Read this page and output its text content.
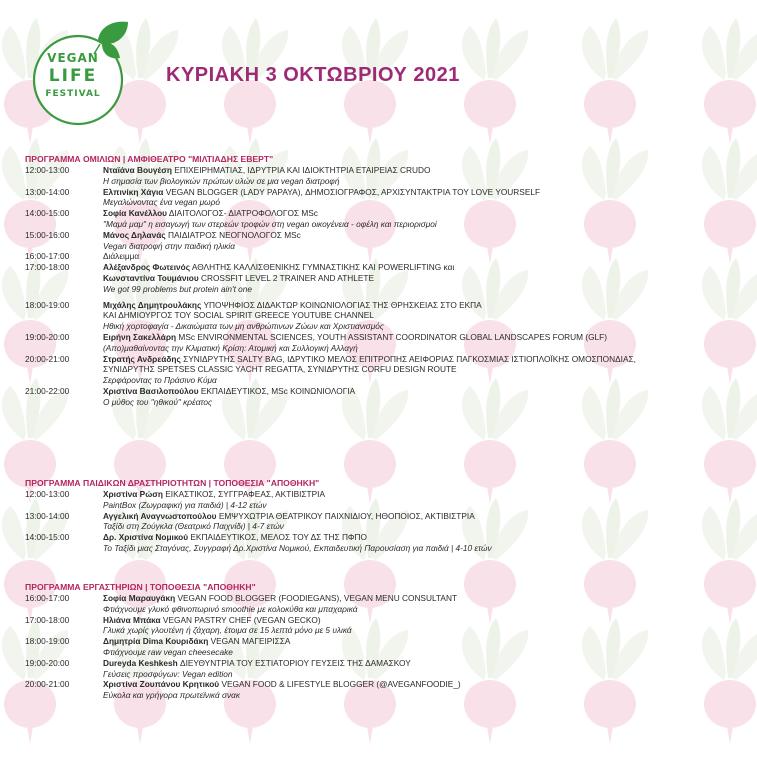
VEGAN
LIFE
FESTIVAL
ΚΥΡΙΑΚΗ 3 ΟΚΤΩΒΡΙΟΥ 2021
ΠΡΟΓΡΑΜΜΑ ΟΜΙΛΙΩΝ | ΑΜΦΙΘΕΑΤΡΟ "ΜΙΛΤΙΑΔΗΣ ΕΒΕΡΤ"
12:00-13:00	Νταϊάνα Βουγέση ΕΠΙΧΕΙΡΗΜΑΤΙΑΣ, ΙΔΡΥΤΡΙΑ ΚΑΙ ΙΔΙΟΚΤΗΤΡΙΑ ΕΤΑΙΡΕΙΑΣ CRUDO
Η σημασία των βιολογικών πρώτων υλών σε μια vegan διατροφή
13:00-14:00	Ελπινίκη Χάγια VEGAN BLOGGER (LADY PAPAYA), ΔΗΜΟΣΙΟΓΡΑΦΟΣ, ΑΡΧΙΣΥΝΤΑΚΤΡΙΑ ΤΟΥ LOVE YOURSELF
Μεγαλώνοντας ένα vegan μωρό
14:00-15:00	Σοφία Κανέλλου ΔΙΑΙΤΟΛΟΓΟΣ- ΔΙΑΤΡΟΦΟΛΟΓΟΣ MSc
"Μαμά μαμ" η εισαγωγή των στερεών τροφών στη vegan οικογένεια - οφέλη και περιορισμοί
15:00-16:00	Μάνος Δηλανάς ΠΑΙΔΙΑΤΡΟΣ ΝΕΟΓΝΟΛΟΓΟΣ MSc
Vegan διατροφή στην παιδική ηλικία
16:00-17:00	Διάλειμμα
17:00-18:00	Αλέξανδρος Φωτεινός ΑΘΛΗΤΗΣ ΚΑΛΛΙΣΘΕΝΙΚΗΣ ΓΥΜΝΑΣΤΙΚΗΣ ΚΑΙ POWERLIFTING και
Κωνσταντίνα Τουμάνιου CROSSFIT LEVEL 2 TRAINER AND ATHLETE
We got 99 problems but protein ain't one
18:00-19:00	Μιχάλης Δημητρουλάκης ΥΠΟΨΗΦΙΟΣ ΔΙΔΑΚΤΩΡ ΚΟΙΝΩΝΙΟΛΟΓΙΑΣ ΤΗΣ ΘΡΗΣΚΕΙΑΣ ΣΤΟ ΕΚΠΑ
ΚΑΙ ΔΗΜΙΟΥΡΓΟΣ ΤΟΥ SOCIAL SPIRIT GREECE YOUTUBE CHANNEL
Ηθική χορτοφαγία - Δικαιώματα των μη ανθρώπινων Ζώων και Χριστιανισμός
19:00-20:00	Ειρήνη Σακελλάρη MSc ENVIRONMENTAL SCIENCES, YOUTH ASSISTANT COORDINATOR GLOBAL LANDSCAPES FORUM (GLF)
(Απο)μαθαίνοντας την Κλιματική Κρίση: Ατομική και Συλλογική Αλλαγή
20:00-21:00	Στρατής Ανδρεάδης ΣΥΝΙΔΡΥΤΗΣ SALTY BAG, ΙΔΡΥΤΙΚΟ ΜΕΛΟΣ ΕΠΙΤΡΟΠΗΣ ΑΕΙΦΟΡΙΑΣ ΠΑΓΚΟΣΜΙΑΣ ΙΣΤΙΟΠΛΟΪΚΗΣ ΟΜΟΣΠΟΝΔΙΑΣ,
ΣΥΝΙΔΡΥΤΗΣ SPETSES CLASSIC YACHT REGATTA, ΣΥΝΙΔΡΥΤΗΣ CORFU DESIGN ROUTE
Σερφάροντας το Πράσινο Κύμα
21:00-22:00	Χριστίνα Βασιλοπούλου ΕΚΠΑΙΔΕΥΤΙΚΟΣ, MSc ΚΟΙΝΩΝΙΟΛΟΓΙΑ
Ο μύθος του "ηθικού" κρέατος
ΠΡΟΓΡΑΜΜΑ ΠΑΙΔΙΚΩΝ ΔΡΑΣΤΗΡΙΟΤΗΤΩΝ | ΤΟΠΟΘΕΣΙΑ "ΑΠΟΘΗΚΗ"
12:00-13:00	Χριστίνα Ρώση ΕΙΚΑΣΤΙΚΟΣ, ΣΥΓΓΡΑΦΕΑΣ, ΑΚΤΙΒΙΣΤΡΙΑ
PaintBox (Ζωγραφική για παιδιά) | 4-12 ετών
13:00-14:00	Αγγελική Αναγνωστοπούλου ΕΜΨΥΧΩΤΡΙΑ ΘΕΑΤΡΙΚΟΥ ΠΑΙΧΝΙΔΙΟΥ, ΗΘΟΠΟΙΟΣ, ΑΚΤΙΒΙΣΤΡΙΑ
Ταξίδι στη Ζούγκλα (Θεατρικό Παιχνίδι) | 4-7 ετών
14:00-15:00	Δρ. Χριστίνα Νομικού ΕΚΠΑΙΔΕΥΤΙΚΟΣ, ΜΕΛΟΣ ΤΟΥ ΔΣ ΤΗΣ ΠΦΠΟ
Το Ταξίδι μιας Σταγόνας, Συγγραφή Δρ.Χριστίνα Νομικού, Εκπαιδευτική Παρουσίαση για παιδιά | 4-10 ετών
ΠΡΟΓΡΑΜΜΑ ΕΡΓΑΣΤΗΡΙΩΝ | ΤΟΠΟΘΕΣΙΑ "ΑΠΟΘΗΚΗ"
16:00-17:00	Σοφία Μαραυγάκη VEGAN FOOD BLOGGER (FOODIEGANS), VEGAN MENU CONSULTANT
Φτιάχνουμε γλυκό φθινοπωρινό smoothie με κολοκύθα και μπαχαρικά
17:00-18:00	Ηλιάνα Μπάκα VEGAN PASTRY CHEF (VEGAN GECKO)
Γλυκά χωρίς γλουτένη ή ζάχαρη, έτοιμα σε 15 λεπτά μόνο με 5 υλικά
18:00-19:00	Δημητρία Dima Κουριδάκη VEGAN ΜΑΓΕΙΡΙΣΣΑ
Φτιάχνουμε raw vegan cheesecake
19:00-20:00	Dureyda Keshkesh ΔΙΕΥΘΥΝΤΡΙΑ ΤΟΥ ΕΣΤΙΑΤΟΡΙΟΥ ΓΕΥΣΕΙΣ ΤΗΣ ΔΑΜΑΣΚΟΥ
Γεύσεις προσφύγων: Vegan edition
20:00-21:00	Χριστίνα Ζουπάνου Κρητικού VEGAN FOOD & LIFESTYLE BLOGGER (@AVEGANFOODIE_)
Εύκολα και γρήγορα πρωτεϊνικά σνακ
